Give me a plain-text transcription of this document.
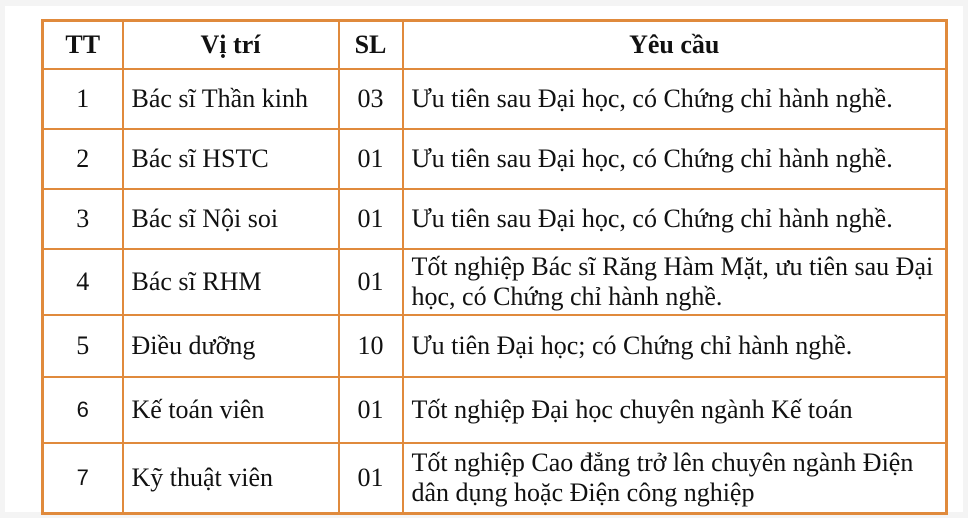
TT	Vị trí	SL	Yêu cầu
1	Bác sĩ Thần kinh	03	Ưu tiên sau Đại học, có Chứng chỉ hành nghề.
2	Bác sĩ HSTC	01	Ưu tiên sau Đại học, có Chứng chỉ hành nghề.
3	Bác sĩ Nội soi	01	Ưu tiên sau Đại học, có Chứng chỉ hành nghề.
4	Bác sĩ RHM	01	Tốt nghiệp Bác sĩ Răng Hàm Mặt, ưu tiên sau Đại học, có Chứng chỉ hành nghề.
5	Điều dưỡng	10	Ưu tiên Đại học; có Chứng chỉ hành nghề.
6	Kế toán viên	01	Tốt nghiệp Đại học chuyên ngành Kế toán
7	Kỹ thuật viên	01	Tốt nghiệp Cao đẳng trở lên chuyên ngành Điện dân dụng hoặc Điện công nghiệp
